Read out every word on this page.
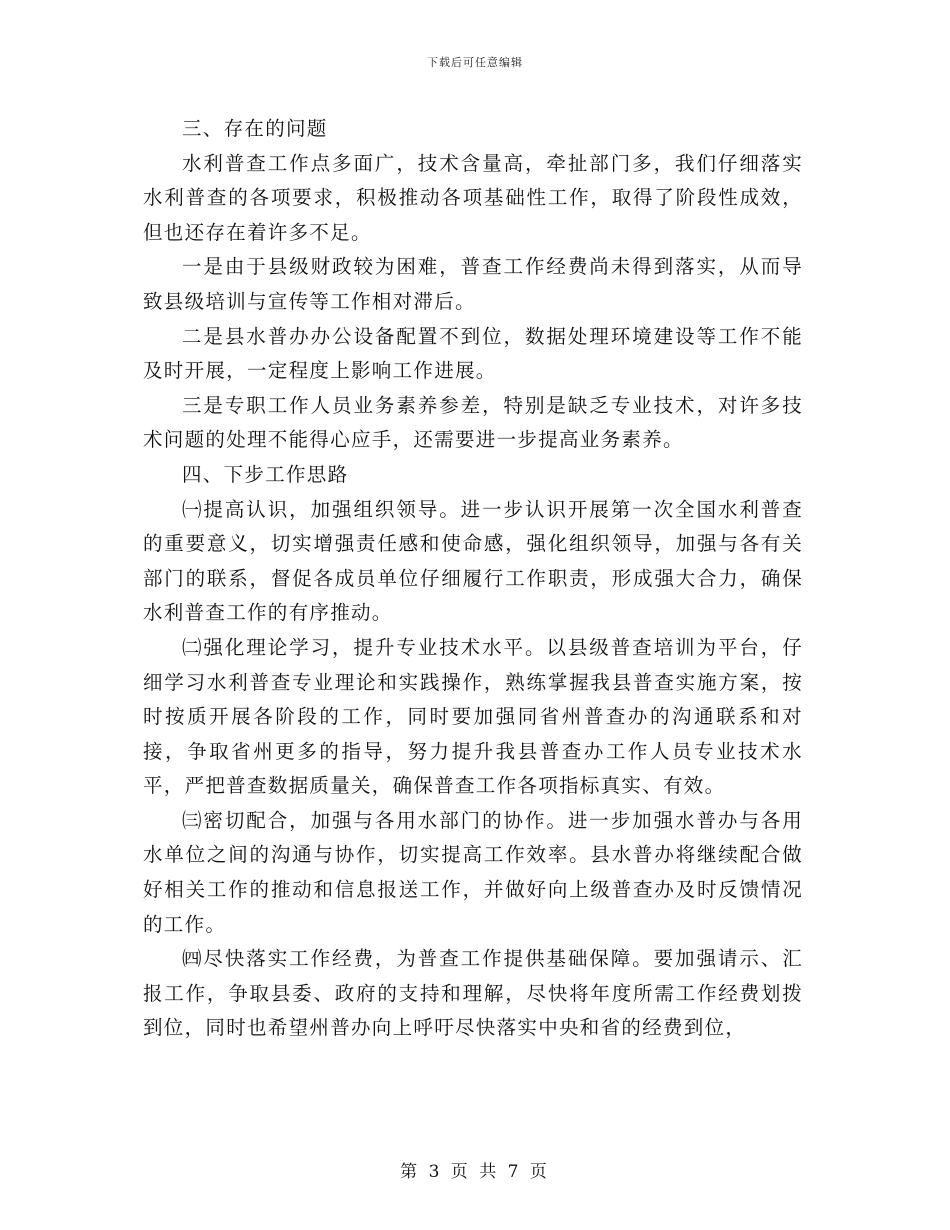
下载后可任意编辑

三、存在的问题

水利普查工作点多面广，技术含量高，牵扯部门多，我们仔细落实水利普查的各项要求，积极推动各项基础性工作，取得了阶段性成效，但也还存在着许多不足。

一是由于县级财政较为困难，普查工作经费尚未得到落实，从而导致县级培训与宣传等工作相对滞后。

二是县水普办办公设备配置不到位，数据处理环境建设等工作不能及时开展，一定程度上影响工作进展。

三是专职工作人员业务素养参差，特别是缺乏专业技术，对许多技术问题的处理不能得心应手，还需要进一步提高业务素养。

四、下步工作思路

㈠提高认识，加强组织领导。进一步认识开展第一次全国水利普查的重要意义，切实增强责任感和使命感，强化组织领导，加强与各有关部门的联系，督促各成员单位仔细履行工作职责，形成强大合力，确保水利普查工作的有序推动。

㈡强化理论学习，提升专业技术水平。以县级普查培训为平台，仔细学习水利普查专业理论和实践操作，熟练掌握我县普查实施方案，按时按质开展各阶段的工作，同时要加强同省州普查办的沟通联系和对接，争取省州更多的指导，努力提升我县普查办工作人员专业技术水平，严把普查数据质量关，确保普查工作各项指标真实、有效。

㈢密切配合，加强与各用水部门的协作。进一步加强水普办与各用水单位之间的沟通与协作，切实提高工作效率。县水普办将继续配合做好相关工作的推动和信息报送工作，并做好向上级普查办及时反馈情况的工作。

㈣尽快落实工作经费，为普查工作提供基础保障。要加强请示、汇报工作，争取县委、政府的支持和理解，尽快将年度所需工作经费划拨到位，同时也希望州普办向上呼吁尽快落实中央和省的经费到位，

第 3 页 共 7 页
